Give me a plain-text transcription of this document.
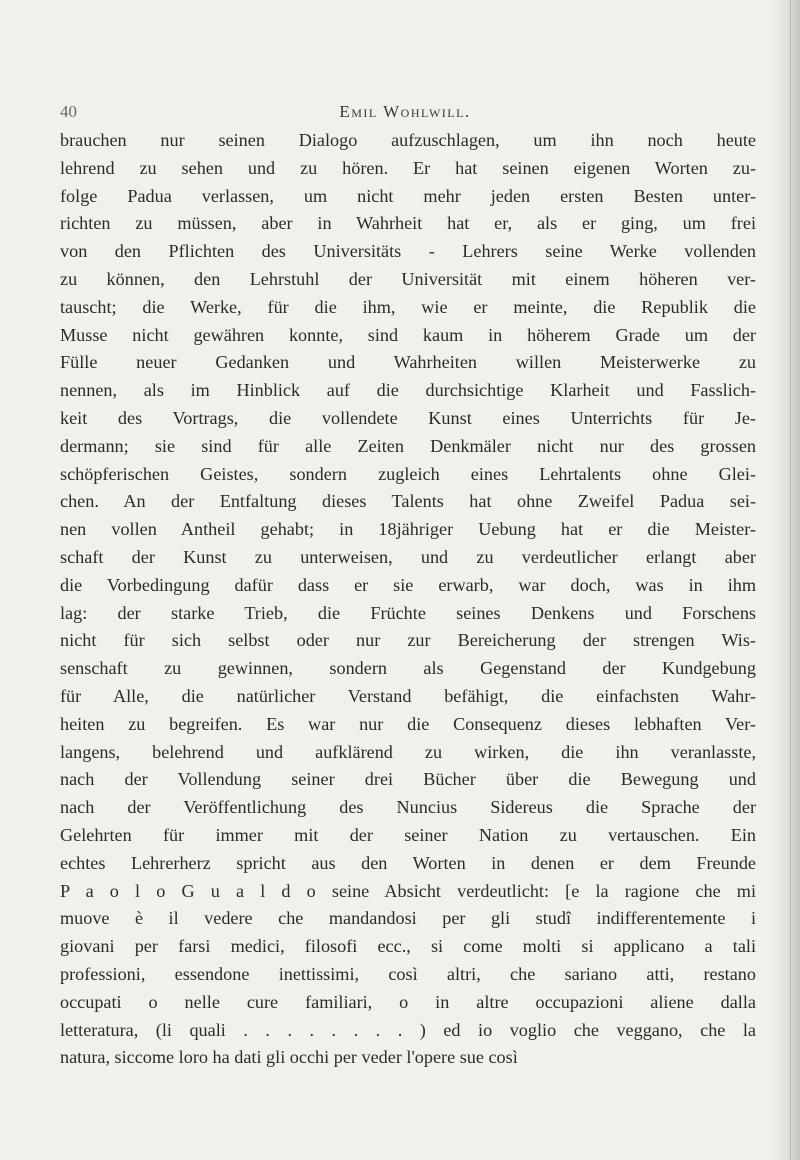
40	Emil Wohlwill.
brauchen nur seinen Dialogo aufzuschlagen, um ihn noch heute
lehrend zu sehen und zu hören. Er hat seinen eigenen Worten zu-
folge Padua verlassen, um nicht mehr jeden ersten Besten unter-
richten zu müssen, aber in Wahrheit hat er, als er ging, um frei
von den Pflichten des Universitäts - Lehrers seine Werke vollenden
zu können, den Lehrstuhl der Universität mit einem höheren ver-
tauscht; die Werke, für die ihm, wie er meinte, die Republik die
Musse nicht gewähren konnte, sind kaum in höherem Grade um der
Fülle neuer Gedanken und Wahrheiten willen Meisterwerke zu
nennen, als im Hinblick auf die durchsichtige Klarheit und Fasslich-
keit des Vortrags, die vollendete Kunst eines Unterrichts für Je-
dermann; sie sind für alle Zeiten Denkmäler nicht nur des grossen
schöpferischen Geistes, sondern zugleich eines Lehrtalents ohne Glei-
chen. An der Entfaltung dieses Talents hat ohne Zweifel Padua sei-
nen vollen Antheil gehabt; in 18jähriger Uebung hat er die Meister-
schaft der Kunst zu unterweisen, und zu verdeutlicher erlangt aber
die Vorbedingung dafür dass er sie erwarb, war doch, was in ihm
lag: der starke Trieb, die Früchte seines Denkens und Forschens
nicht für sich selbst oder nur zur Bereicherung der strengen Wis-
senschaft zu gewinnen, sondern als Gegenstand der Kundgebung
für Alle, die natürlicher Verstand befähigt, die einfachsten Wahr-
heiten zu begreifen. Es war nur die Consequenz dieses lebhaften Ver-
langens, belehrend und aufklärend zu wirken, die ihn veranlasste,
nach der Vollendung seiner drei Bücher über die Bewegung und
nach der Veröffentlichung des Nuncius Sidereus die Sprache der
Gelehrten für immer mit der seiner Nation zu vertauschen. Ein
echtes Lehrerherz spricht aus den Worten in denen er dem Freunde
P a o l o G u a l d o seine Absicht verdeutlicht: [e la ragione che mi
muove è il vedere che mandandosi per gli studî indifferentemente i
giovani per farsi medici, filosofi ecc., si come molti si applicano a tali
professioni, essendone inettissimi, così altri, che sariano atti, restano
occupati o nelle cure familiari, o in altre occupazioni aliene dalla
letteratura, (li quali . . . . . . . . ) ed io voglio che veggano, che la
natura, siccome loro ha dati gli occhi per veder l'opere sue così
